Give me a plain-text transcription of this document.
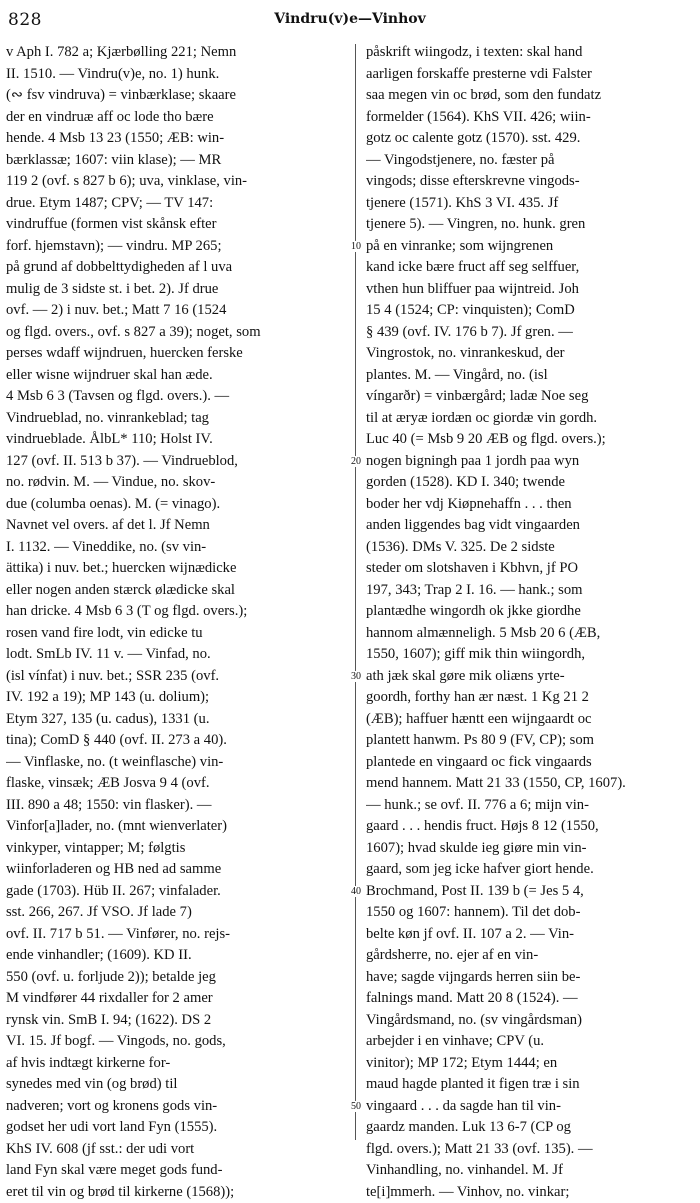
828	Vindru(v)e—Vinhov
v Aph I. 782 a; Kjærbølling 221; Nemn
II. 1510. — Vindru(v)e, no. 1) hunk.
(∾ fsv vindruva) = vinbærklase; skaare
der en vindruæ aff oc lode tho bære
hende. 4 Msb 13 23 (1550; ÆB: win-
bærklassæ; 1607: viin klase); — MR
119 2 (ovf. s 827 b 6); uva, vinklase, vin-
drue. Etym 1487; CPV; — TV 147:
vindruffue (formen vist skånsk efter
forf. hjemstavn); — vindru. MP 265;
på grund af dobbelttydigheden af l uva
mulig de 3 sidste st. i bet. 2). Jf drue
ovf. — 2) i nuv. bet.; Matt 7 16 (1524
og flgd. overs., ovf. s 827 a 39); noget, som
perses wdaff wijndruen, huercken ferske
eller wisne wijndruer skal han æde.
4 Msb 6 3 (Tavsen og flgd. overs.). —
Vindrueblad, no. vinrankeblad; tag
vindrueblade. ÅlbL* 110; Holst IV.
127 (ovf. II. 513 b 37). — Vindrueblod,
no. rødvin. M. — Vindue, no. skov-
due (columba oenas). M. (= vinago).
Navnet vel overs. af det l. Jf Nemn
I. 1132. — Vineddike, no. (sv vin-
ättika) i nuv. bet.; huercken wijnædicke
eller nogen anden stærck ølædicke skal
han dricke. 4 Msb 6 3 (T og flgd. overs.);
rosen vand fire lodt, vin edicke tu
lodt. SmLb IV. 11 v. — Vinfad, no.
(isl vínfat) i nuv. bet.; SSR 235 (ovf.
IV. 192 a 19); MP 143 (u. dolium);
Etym 327, 135 (u. cadus), 1331 (u.
tina); ComD § 440 (ovf. II. 273 a 40).
— Vinflaske, no. (t weinflasche) vin-
flaske, vinsæk; ÆB Josva 9 4 (ovf.
III. 890 a 48; 1550: vin flasker). —
Vinfor[a]lader, no. (mnt wienverlater)
vinkyper, vintapper; M; følgtis
wiinforladeren og HB ned ad samme
gade (1703). Hüb II. 267; vinfalader.
sst. 266, 267. Jf VSO. Jf lade 7)
ovf. II. 717 b 51. — Vinfører, no. rejs-
ende vinhandler; (1609). KD II.
550 (ovf. u. forljude 2)); betalde jeg
M vindfører 44 rixdaller for 2 amer
rynsk vin. SmB I. 94; (1622). DS 2
VI. 15. Jf bogf. — Vingods, no. gods,
af hvis indtægt kirkerne for-
synedes med vin (og brød) til
nadveren; vort og kronens gods vin-
godset her udi vort land Fyn (1555).
KhS IV. 608 (jf sst.: der udi vort
land Fyn skal være meget gods fund-
eret til vin og brød til kirkerne (1568));
påskrift wiingodz, i texten: skal hand
aarligen forskaffe presterne vdi Falster
saa megen vin oc brød, som den fundatz
formelder (1564). KhS VII. 426; wiin-
gotz oc calente gotz (1570). sst. 429.
— Vingodstjenere, no. fæster på
vingods; disse efterskrevne vingods-
tjenere (1571). KhS 3 VI. 435. Jf
tjenere 5). — Vingren, no. hunk. gren
på en vinranke; som wijngrenen
kand icke bære fruct aff seg selffuer,
vthen hun bliffuer paa wijntreid. Joh
15 4 (1524; CP: vinquisten); ComD
§ 439 (ovf. IV. 176 b 7). Jf gren. —
Vingrostok, no. vinrankeskud, der
plantes. M. — Vingård, no. (isl
víngarðr) = vinbærgård; ladæ Noe seg
til at æryæ iordæn oc giordæ vin gordh.
Luc 40 (= Msb 9 20 ÆB og flgd. overs.);
nogen bigningh paa 1 jordh paa wyn
gorden (1528). KD I. 340; twende
boder her vdj Kiøpnehaffn . . . then
anden liggendes bag vidt vingaarden
(1536). DMs V. 325. De 2 sidste
steder om slotshaven i Kbhvn, jf PO
197, 343; Trap 2 I. 16. — hank.; som
plantædhe wingordh ok jkke giordhe
hannom almænneligh. 5 Msb 20 6 (ÆB,
1550, 1607); giff mik thin wiingordh,
ath jæk skal gøre mik oliæns yrte-
goordh, forthy han ær næst. 1 Kg 21 2
(ÆB); haffuer hæntt een wijngaardt oc
plantett hanwm. Ps 80 9 (FV, CP); som
plantede en vingaard oc fick vingaards
mend hannem. Matt 21 33 (1550, CP, 1607).
— hunk.; se ovf. II. 776 a 6; mijn vin-
gaard . . . hendis fruct. Højs 8 12 (1550,
1607); hvad skulde ieg giøre min vin-
gaard, som jeg icke hafver giort hende.
Brochmand, Post II. 139 b (= Jes 5 4,
1550 og 1607: hannem). Til det dob-
belte køn jf ovf. II. 107 a 2. — Vin-
gårdsherre, no. ejer af en vin-
have; sagde vijngards herren siin be-
falnings mand. Matt 20 8 (1524). —
Vingårdsmand, no. (sv vingårdsman)
arbejder i en vinhave; CPV (u.
vinitor); MP 172; Etym 1444; en
maud hagde planted it figen træ i sin
vingaard . . . da sagde han til vin-
gaardz manden. Luk 13 6-7 (CP og
flgd. overs.); Matt 21 33 (ovf. 135). —
Vinhandling, no. vinhandel. M. Jf
te[i]mmerh. — Vinhov, no. vinkar;
10
20
30
40
50
